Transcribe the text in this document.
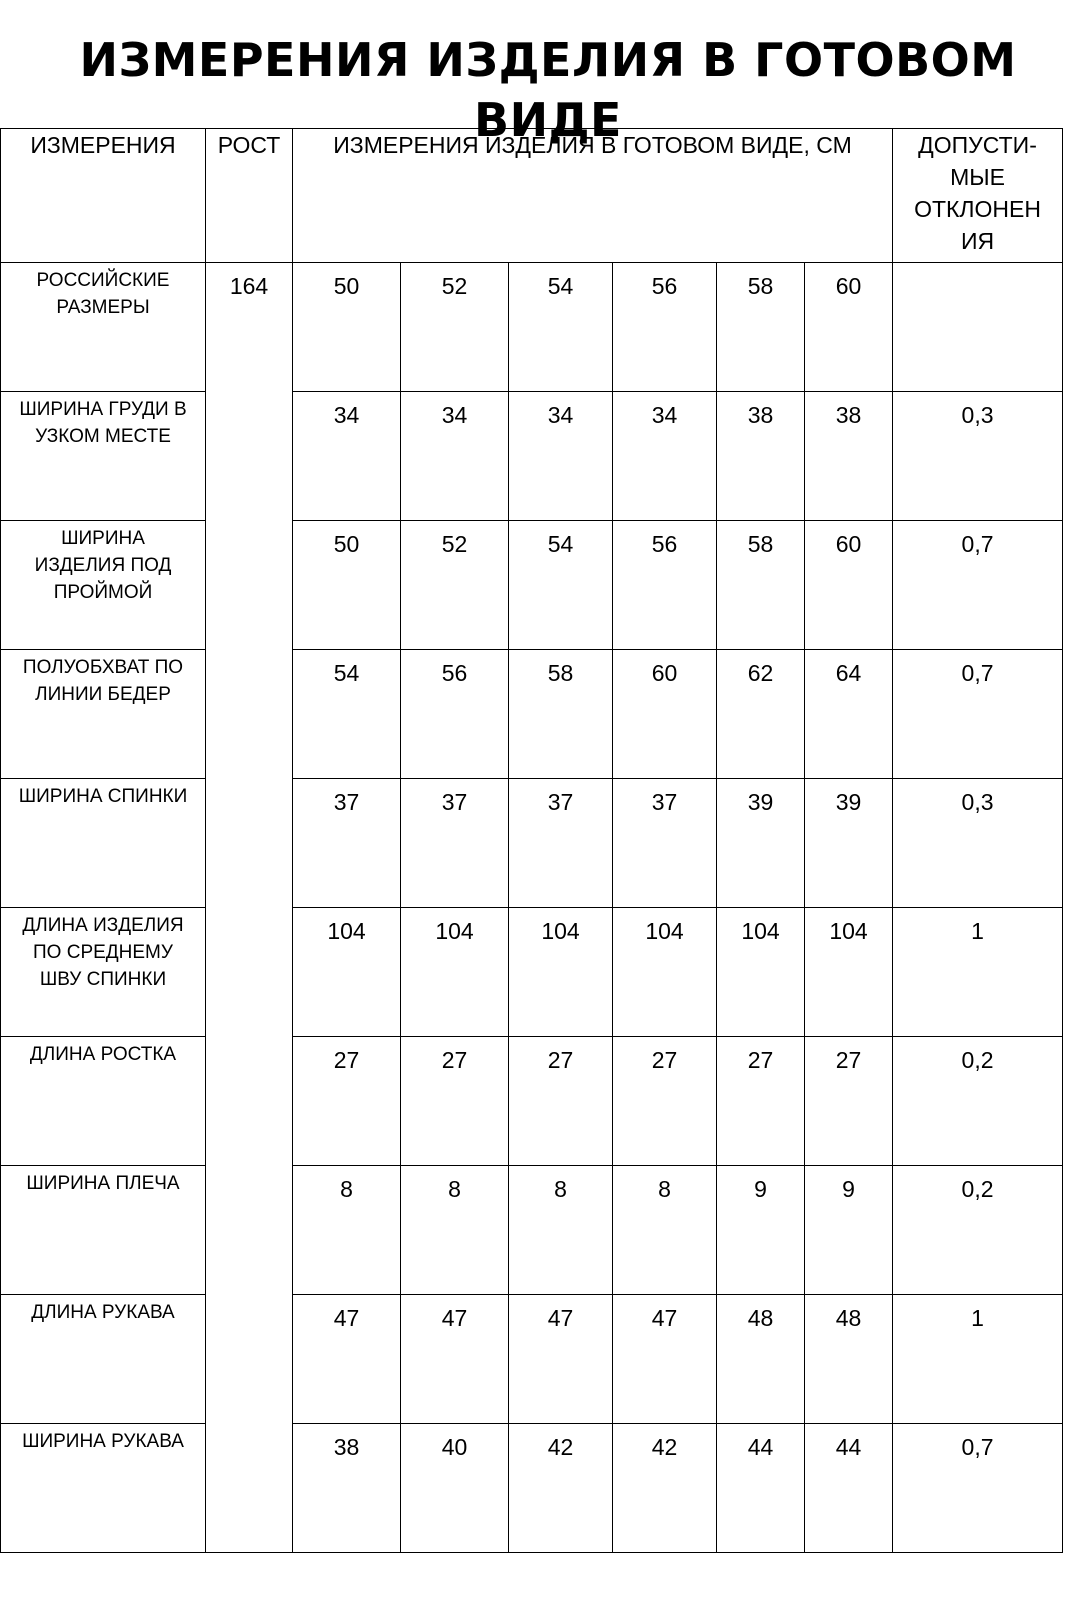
ИЗМЕРЕНИЯ ИЗДЕЛИЯ В ГОТОВОМ ВИДЕ
ИЗМЕРЕНИЯ	РОСТ	ИЗМЕРЕНИЯ ИЗДЕЛИЯ В ГОТОВОМ ВИДЕ, СМ						ДОПУСТИ-
МЫЕ
ОТКЛОНЕН
ИЯ

РОССИЙСКИЕ
РАЗМЕРЫ	164	50	52	54	56	58	60	

ШИРИНА ГРУДИ В
УЗКОМ МЕСТЕ		34	34	34	34	38	38	0,3

ШИРИНА
ИЗДЕЛИЯ ПОД
ПРОЙМОЙ		50	52	54	56	58	60	0,7

ПОЛУОБХВАТ ПО
ЛИНИИ БЕДЕР		54	56	58	60	62	64	0,7

ШИРИНА СПИНКИ		37	37	37	37	39	39	0,3

ДЛИНА ИЗДЕЛИЯ
ПО СРЕДНЕМУ
ШВУ СПИНКИ		104	104	104	104	104	104	1

ДЛИНА РОСТКА		27	27	27	27	27	27	0,2

ШИРИНА ПЛЕЧА		8	8	8	8	9	9	0,2

ДЛИНА РУКАВА		47	47	47	47	48	48	1

ШИРИНА РУКАВА		38	40	42	42	44	44	0,7
